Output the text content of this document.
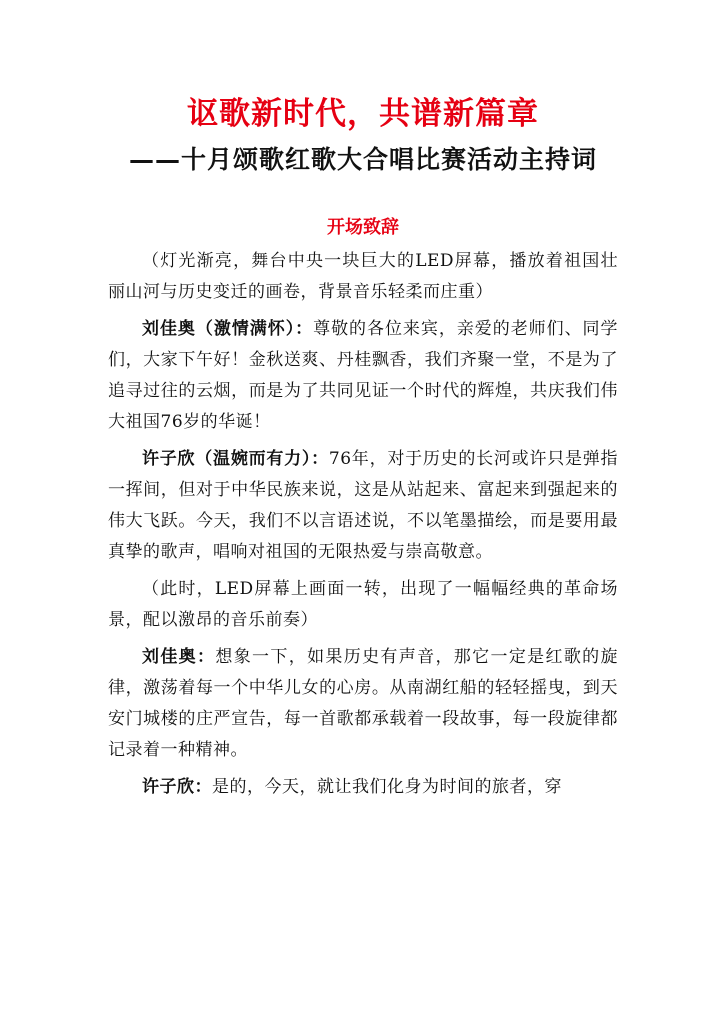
讴歌新时代，共谱新篇章
——十月颂歌红歌大合唱比赛活动主持词
开场致辞

（灯光渐亮，舞台中央一块巨大的LED屏幕，播放着祖国壮丽山河与历史变迁的画卷，背景音乐轻柔而庄重）

刘佳奥（激情满怀）：尊敬的各位来宾，亲爱的老师们、同学们，大家下午好！金秋送爽、丹桂飘香，我们齐聚一堂，不是为了追寻过往的云烟，而是为了共同见证一个时代的辉煌，共庆我们伟大祖国76岁的华诞！

许子欣（温婉而有力）：76年，对于历史的长河或许只是弹指一挥间，但对于中华民族来说，这是从站起来、富起来到强起来的伟大飞跃。今天，我们不以言语述说，不以笔墨描绘，而是要用最真挚的歌声，唱响对祖国的无限热爱与崇高敬意。

（此时，LED屏幕上画面一转，出现了一幅幅经典的革命场景，配以激昂的音乐前奏）

刘佳奥：想象一下，如果历史有声音，那它一定是红歌的旋律，激荡着每一个中华儿女的心房。从南湖红船的轻轻摇曳，到天安门城楼的庄严宣告，每一首歌都承载着一段故事，每一段旋律都记录着一种精神。

许子欣：是的，今天，就让我们化身为时间的旅者，穿
